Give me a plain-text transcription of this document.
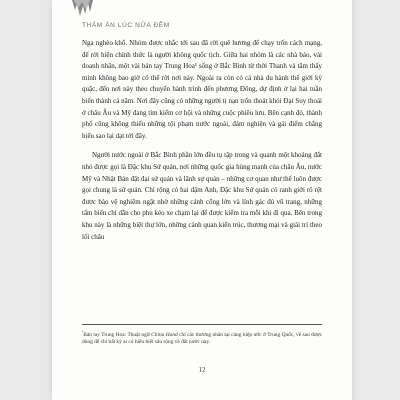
THẢM ÁN LÚC NỬA ĐÊM

Nga nghèo khổ. Nhóm được nhắc tới sau đã rời quê hương để chạy trốn cách mạng, để rời hiện chính thức là người không quốc tịch. Giữa hai nhóm là các nhà báo, vài doanh nhân, một vài bản tay Trung Hoa¹ sống ở Bắc Bình từ thời Thanh và tâm thấy mình không bao giờ có thể rời nơi này. Ngoài ra còn có cả nhà du hành thế giới kỳ quặc, đến nơi này theo chuyến hành trình đến phương Đông, dự định ở lại hai tuần biến thành cả năm. Nơi đây cũng có những người tị nạn trốn thoát khỏi Đại Suy thoái ở châu Âu và Mỹ đang tìm kiếm cơ hội và những cuộc phiêu lưu. Bên cạnh đó, thành phố cũng không thiếu những tội phạm nước ngoài, đám nghiện và gái điếm chẳng hiểu sao lại dạt tới đây.

Người nước ngoài ở Bắc Bình phần lớn đều tụ tập trong và quanh một khoảng đất nhỏ được gọi là Đặc khu Sứ quán, nơi những quốc gia hùng mạnh của châu Âu, nước Mỹ và Nhật Bản đặt đại sứ quán và lãnh sự quán – những cơ quan như thế luôn được gọi chung là sứ quán. Chỉ rộng có hai dặm Anh, Đặc khu Sứ quán có ranh giới rõ rệt được bảo vệ nghiêm ngặt nhờ những cánh cổng lớn và lính gác đủ vũ trang, những tấm biển chỉ dẫn cho phu kéo xe chạm lại để được kiếm tra mỗi khi đi qua. Bên trong khu này là những biệt thự lớn, những cảnh quan kiến trúc, thương mại và giải trí theo lối châu

$^{^1}$Bản tay Trung Hoa: Thuật ngữ China Hand chỉ các thương nhân tại cảng hiệp ước ở Trung Quốc, về sau được dùng để chỉ bất kỳ ai có hiểu biết sâu rộng về đất nước này.
12
